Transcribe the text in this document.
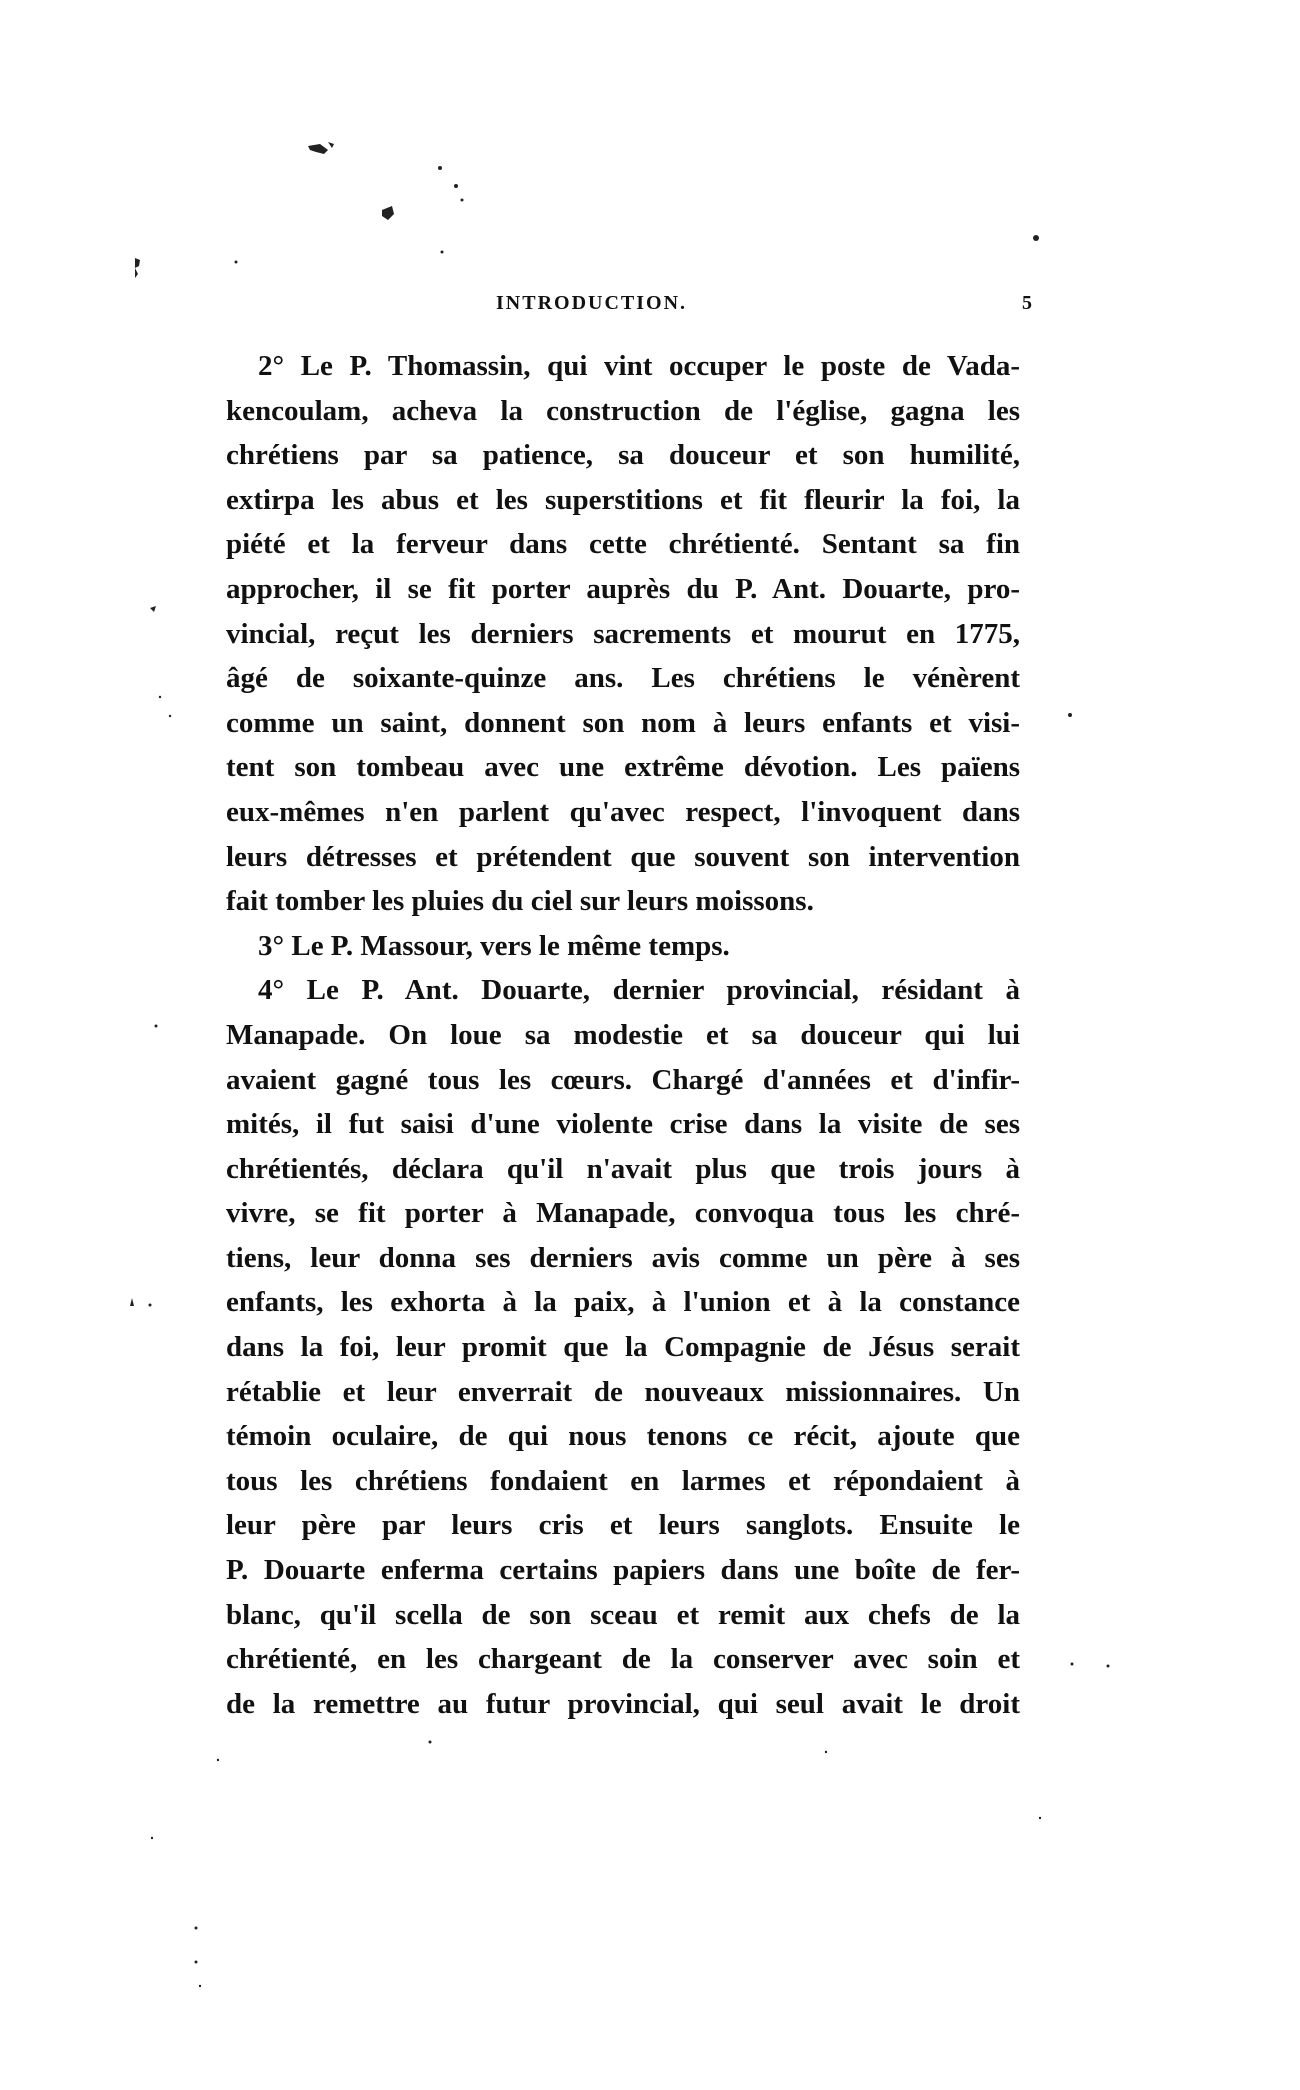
INTRODUCTION.	5
2° Le P. Thomassin, qui vint occuper le poste de Vada-
kencoulam, acheva la construction de l'église, gagna les
chrétiens par sa patience, sa douceur et son humilité,
extirpa les abus et les superstitions et fit fleurir la foi, la
piété et la ferveur dans cette chrétienté. Sentant sa fin
approcher, il se fit porter auprès du P. Ant. Douarte, pro-
vincial, reçut les derniers sacrements et mourut en 1775,
âgé de soixante-quinze ans. Les chrétiens le vénèrent
comme un saint, donnent son nom à leurs enfants et visi-
tent son tombeau avec une extrême dévotion. Les païens
eux-mêmes n'en parlent qu'avec respect, l'invoquent dans
leurs détresses et prétendent que souvent son intervention
fait tomber les pluies du ciel sur leurs moissons.
3° Le P. Massour, vers le même temps.
4° Le P. Ant. Douarte, dernier provincial, résidant à
Manapade. On loue sa modestie et sa douceur qui lui
avaient gagné tous les cœurs. Chargé d'années et d'infir-
mités, il fut saisi d'une violente crise dans la visite de ses
chrétientés, déclara qu'il n'avait plus que trois jours à
vivre, se fit porter à Manapade, convoqua tous les chré-
tiens, leur donna ses derniers avis comme un père à ses
enfants, les exhorta à la paix, à l'union et à la constance
dans la foi, leur promit que la Compagnie de Jésus serait
rétablie et leur enverrait de nouveaux missionnaires. Un
témoin oculaire, de qui nous tenons ce récit, ajoute que
tous les chrétiens fondaient en larmes et répondaient à
leur père par leurs cris et leurs sanglots. Ensuite le
P. Douarte enferma certains papiers dans une boîte de fer-
blanc, qu'il scella de son sceau et remit aux chefs de la
chrétienté, en les chargeant de la conserver avec soin et
de la remettre au futur provincial, qui seul avait le droit
